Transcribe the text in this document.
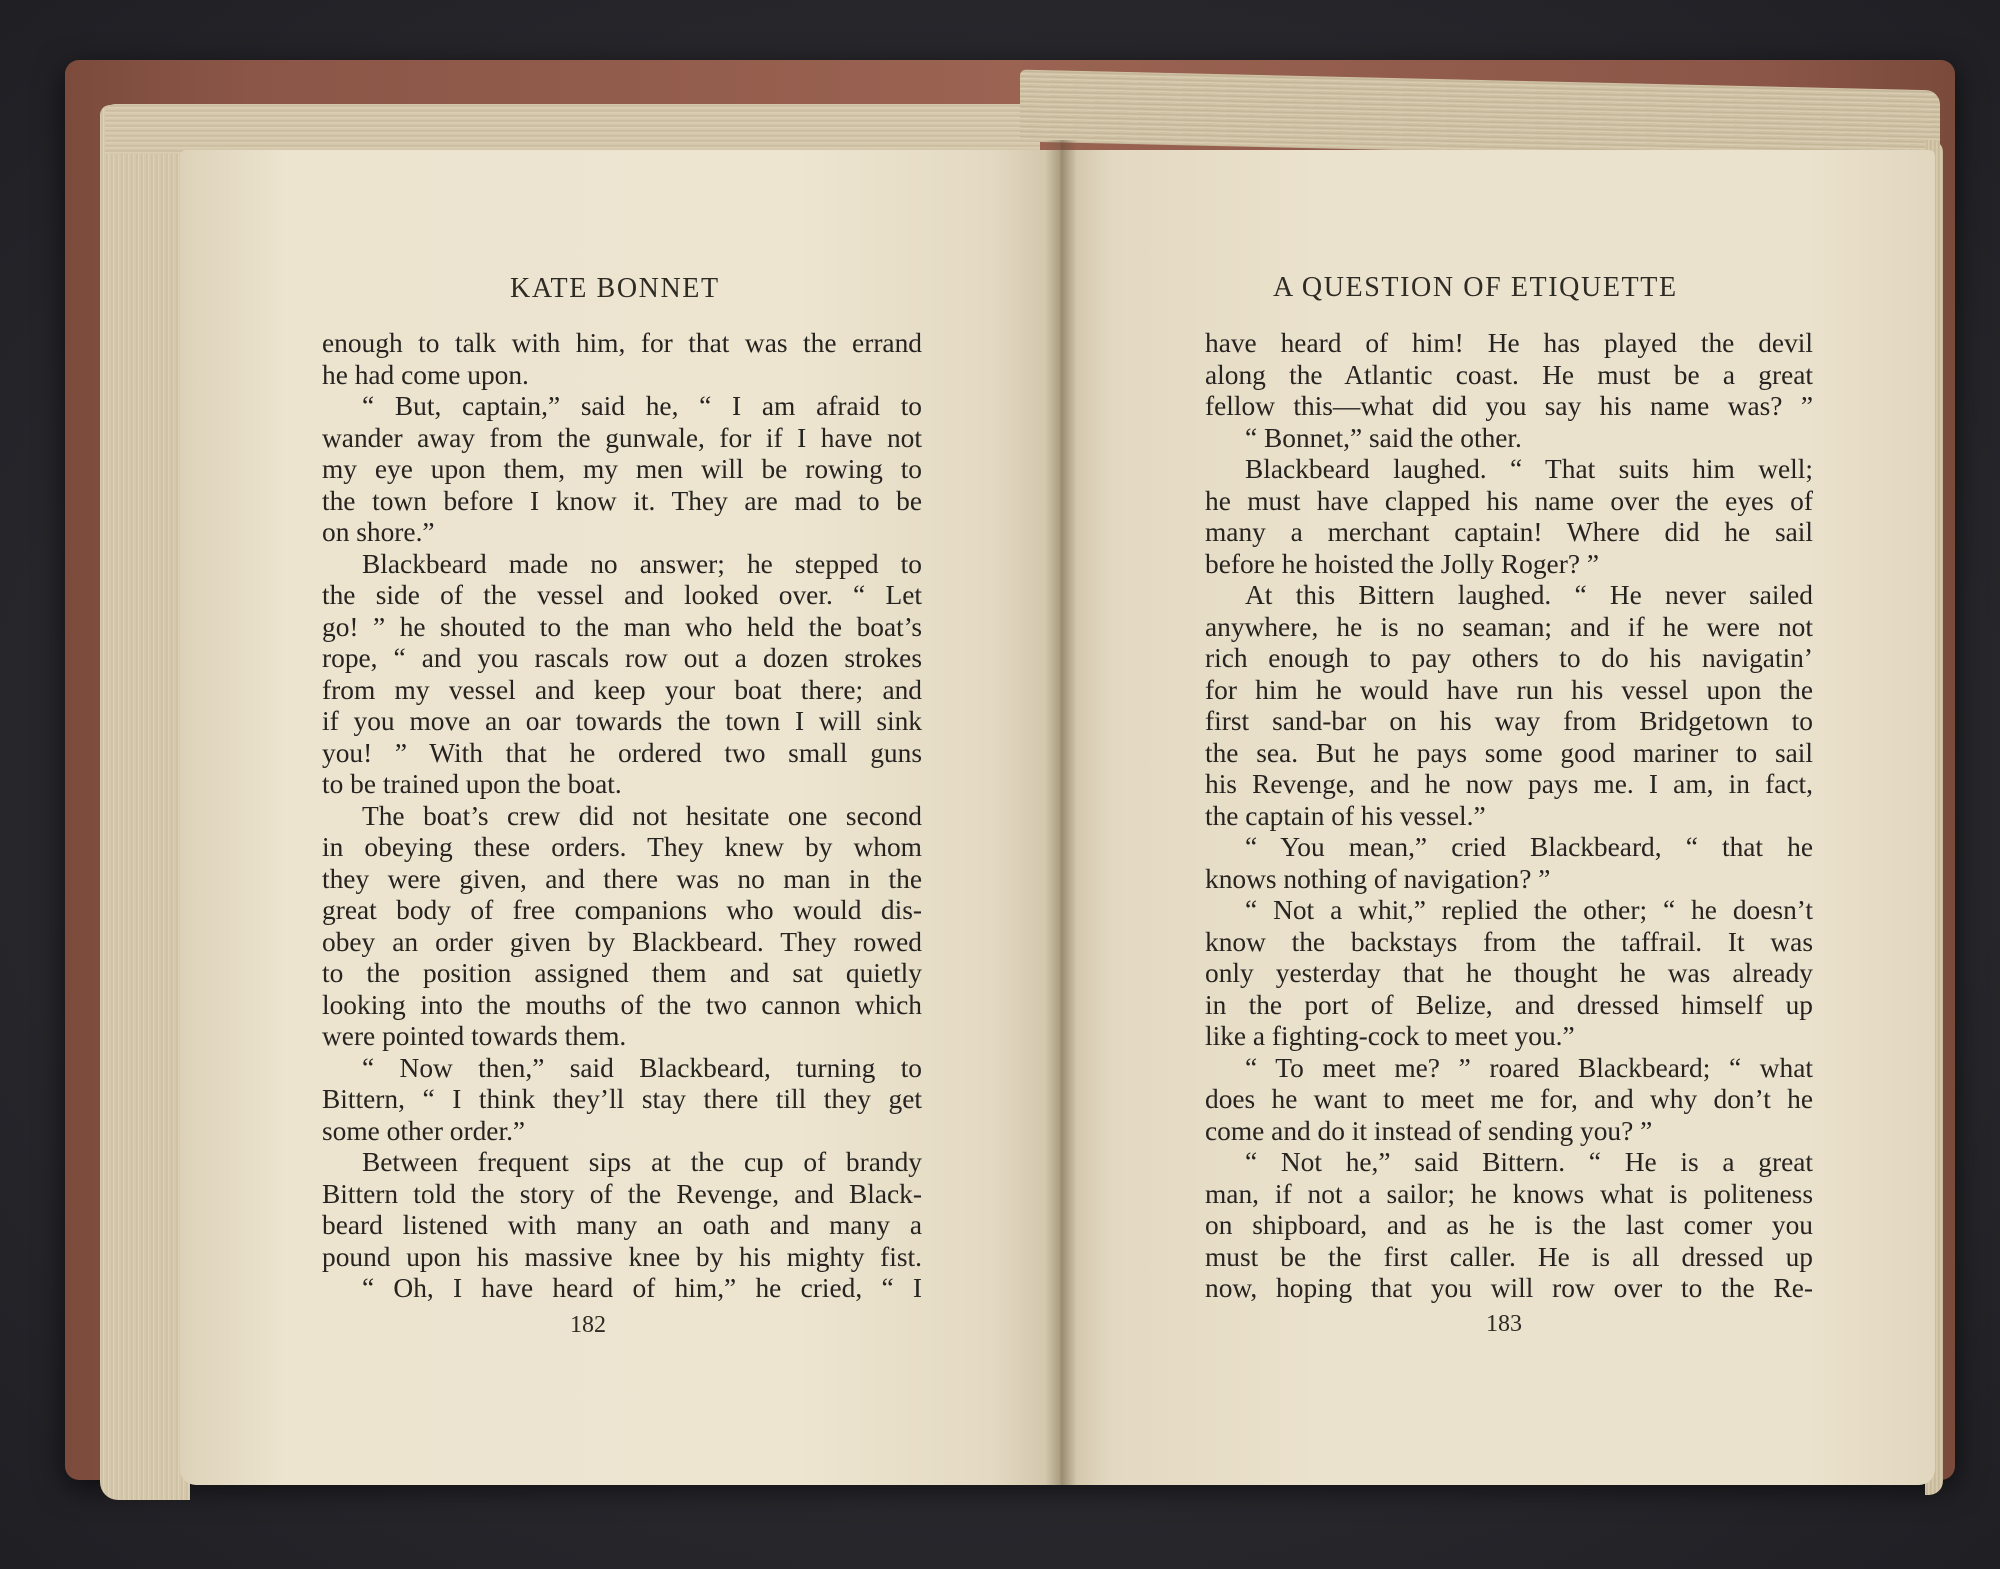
KATE BONNET
enough to talk with him, for that was the errand
he had come upon.
“ But, captain,” said he, “ I am afraid to
wander away from the gunwale, for if I have not
my eye upon them, my men will be rowing to
the town before I know it. They are mad to be
on shore.”
Blackbeard made no answer; he stepped to
the side of the vessel and looked over. “ Let
go! ” he shouted to the man who held the boat’s
rope, “ and you rascals row out a dozen strokes
from my vessel and keep your boat there; and
if you move an oar towards the town I will sink
you! ” With that he ordered two small guns
to be trained upon the boat.
The boat’s crew did not hesitate one second
in obeying these orders. They knew by whom
they were given, and there was no man in the
great body of free companions who would dis-
obey an order given by Blackbeard. They rowed
to the position assigned them and sat quietly
looking into the mouths of the two cannon which
were pointed towards them.
“ Now then,” said Blackbeard, turning to
Bittern, “ I think they’ll stay there till they get
some other order.”
Between frequent sips at the cup of brandy
Bittern told the story of the Revenge, and Black-
beard listened with many an oath and many a
pound upon his massive knee by his mighty fist.
“ Oh, I have heard of him,” he cried, “ I
182
A QUESTION OF ETIQUETTE
have heard of him! He has played the devil
along the Atlantic coast. He must be a great
fellow this—what did you say his name was? ”
“ Bonnet,” said the other.
Blackbeard laughed. “ That suits him well;
he must have clapped his name over the eyes of
many a merchant captain! Where did he sail
before he hoisted the Jolly Roger? ”
At this Bittern laughed. “ He never sailed
anywhere, he is no seaman; and if he were not
rich enough to pay others to do his navigatin’
for him he would have run his vessel upon the
first sand-bar on his way from Bridgetown to
the sea. But he pays some good mariner to sail
his Revenge, and he now pays me. I am, in fact,
the captain of his vessel.”
“ You mean,” cried Blackbeard, “ that he
knows nothing of navigation? ”
“ Not a whit,” replied the other; “ he doesn’t
know the backstays from the taffrail. It was
only yesterday that he thought he was already
in the port of Belize, and dressed himself up
like a fighting-cock to meet you.”
“ To meet me? ” roared Blackbeard; “ what
does he want to meet me for, and why don’t he
come and do it instead of sending you? ”
“ Not he,” said Bittern. “ He is a great
man, if not a sailor; he knows what is politeness
on shipboard, and as he is the last comer you
must be the first caller. He is all dressed up
now, hoping that you will row over to the Re-
183
